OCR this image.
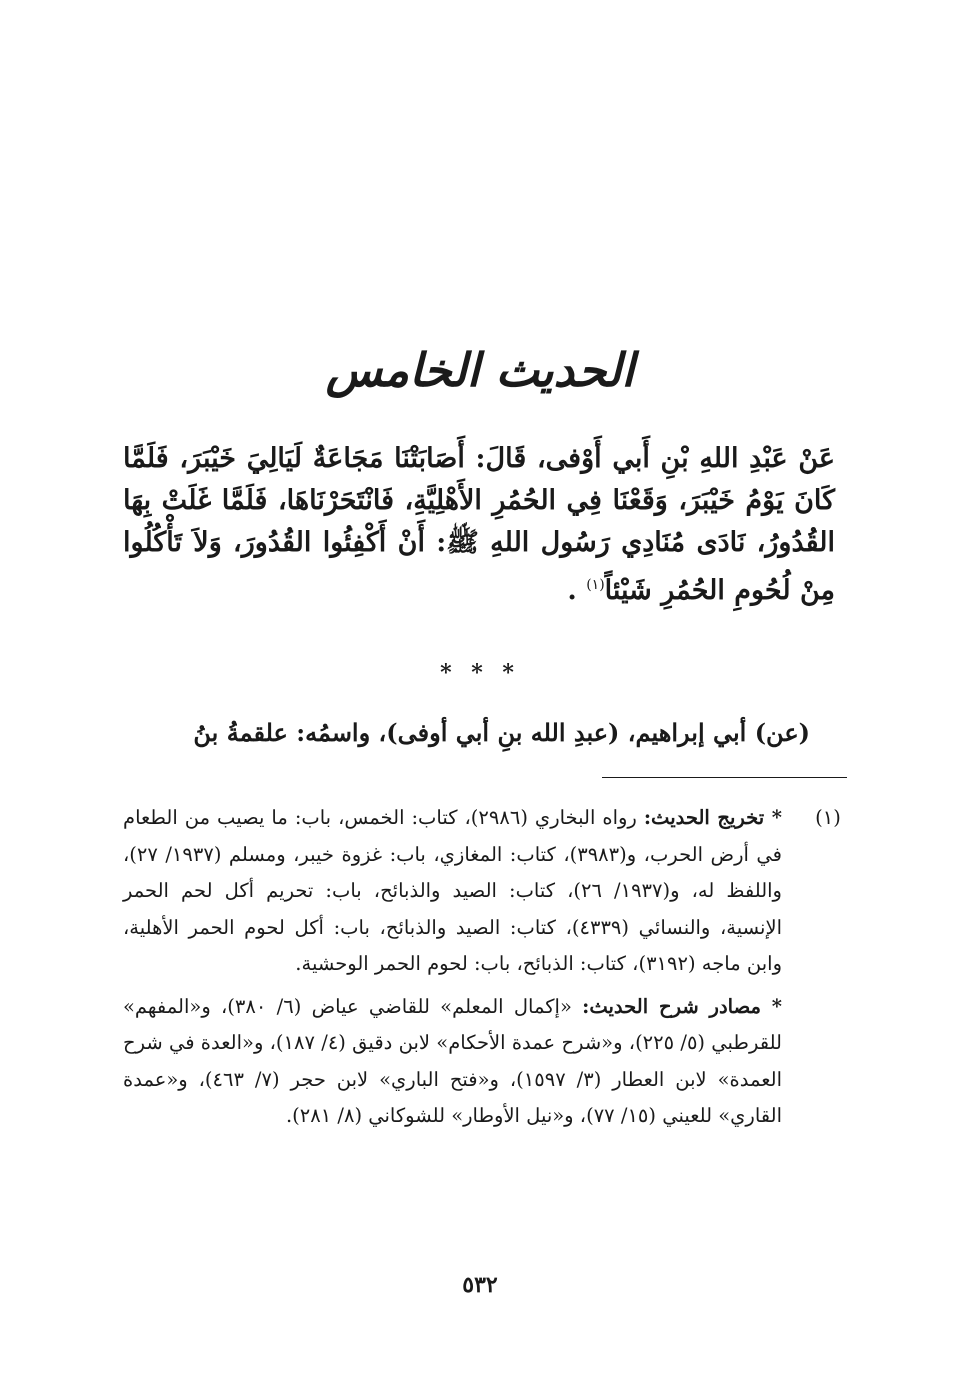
الحديث الخامس

عَنْ عَبْدِ اللهِ بْنِ أَبي أَوْفى، قَالَ: أَصَابَتْنَا مَجَاعَةٌ لَيَالِيَ خَيْبَرَ، فَلَمَّا كَانَ يَوْمُ خَيْبَرَ، وَقَعْنَا فِي الحُمُرِ الأَهْلِيَّةِ، فَانْتَحَرْنَاهَا، فَلَمَّا غَلَتْ بِهَا القُدُورُ، نَادَى مُنَادِي رَسُول اللهِ ﷺ: أَنْ أَكْفِئُوا القُدُورَ، وَلاَ تَأْكُلُوا مِنْ لُحُومِ الحُمُرِ شَيْئاً$^{(١)}$ .

* * *
(عن) أبي إبراهيم، (عبدِ الله بنِ أبي أوفى)، واسمُه: علقمةُ بنُ
(١)
* تخريج الحديث: رواه البخاري (٢٩٨٦)، كتاب: الخمس، باب: ما يصيب من الطعام في أرض الحرب، و(٣٩٨٣)، كتاب: المغازي، باب: غزوة خيبر، ومسلم (١٩٣٧/ ٢٧)، واللفظ له، و(١٩٣٧/ ٢٦)، كتاب: الصيد والذبائح، باب: تحريم أكل لحم الحمر الإنسية، والنسائي (٤٣٣٩)، كتاب: الصيد والذبائح، باب: أكل لحوم الحمر الأهلية، وابن ماجه (٣١٩٢)، كتاب: الذبائح، باب: لحوم الحمر الوحشية.
* مصادر شرح الحديث: «إكمال المعلم» للقاضي عياض (٦/ ٣٨٠)، و«المفهم» للقرطبي (٥/ ٢٢٥)، و«شرح عمدة الأحكام» لابن دقيق (٤/ ١٨٧)، و«العدة في شرح العمدة» لابن العطار (٣/ ١٥٩٧)، و«فتح الباري» لابن حجر (٧/ ٤٦٣)، و«عمدة القاري» للعيني (١٥/ ٧٧)، و«نيل الأوطار» للشوكاني (٨/ ٢٨١).
٥٣٢
